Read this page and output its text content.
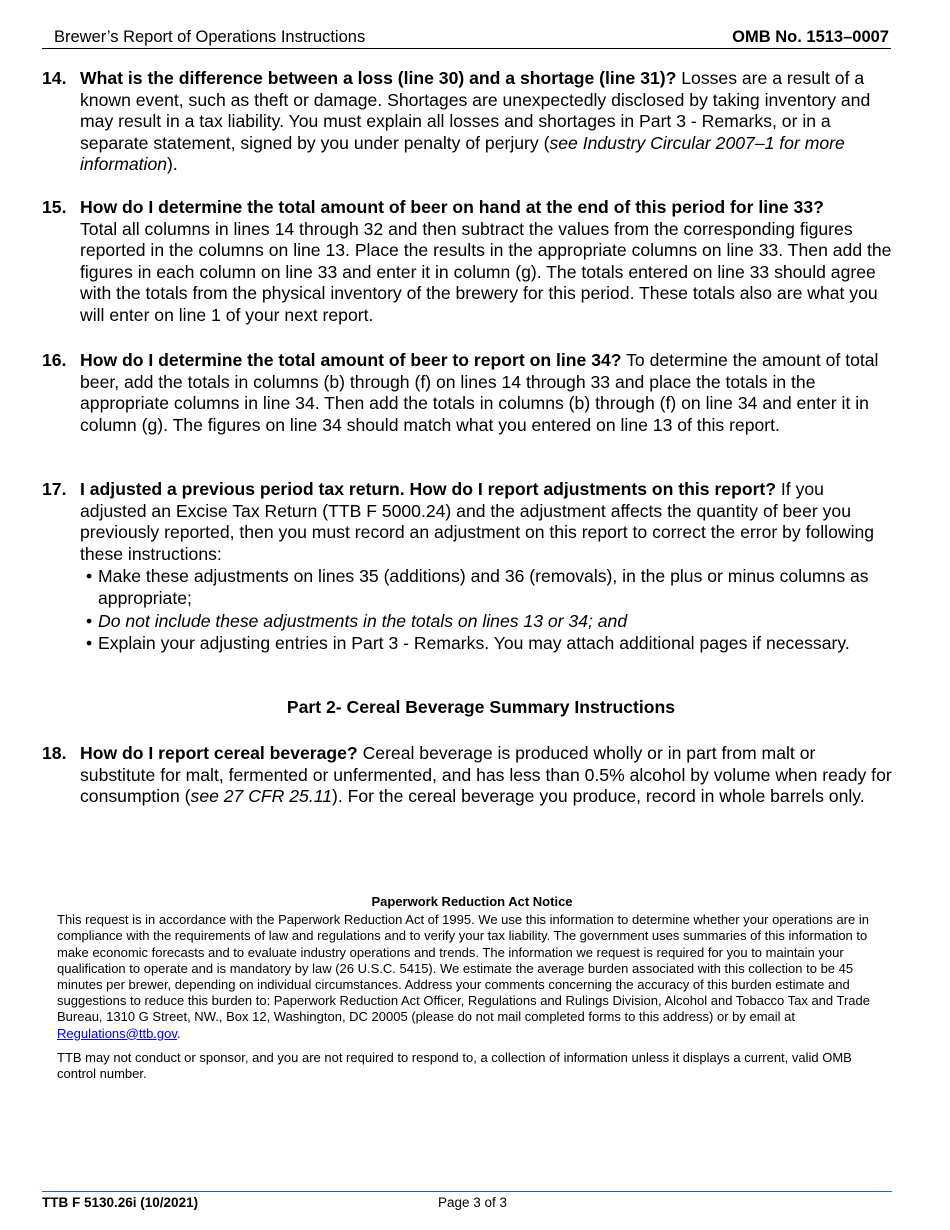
Brewer’s Report of Operations Instructions	OMB No. 1513–0007
14. What is the difference between a loss (line 30) and a shortage (line 31)? Losses are a result of a known event, such as theft or damage. Shortages are unexpectedly disclosed by taking inventory and may result in a tax liability. You must explain all losses and shortages in Part 3 - Remarks, or in a separate statement, signed by you under penalty of perjury (see Industry Circular 2007–1 for more information).
15. How do I determine the total amount of beer on hand at the end of this period for line 33?
Total all columns in lines 14 through 32 and then subtract the values from the corresponding figures reported in the columns on line 13. Place the results in the appropriate columns on line 33. Then add the figures in each column on line 33 and enter it in column (g). The totals entered on line 33 should agree with the totals from the physical inventory of the brewery for this period. These totals also are what you will enter on line 1 of your next report.
16. How do I determine the total amount of beer to report on line 34? To determine the amount of total beer, add the totals in columns (b) through (f) on lines 14 through 33 and place the totals in the appropriate columns in line 34. Then add the totals in columns (b) through (f) on line 34 and enter it in column (g). The figures on line 34 should match what you entered on line 13 of this report.
17. I adjusted a previous period tax return. How do I report adjustments on this report? If you adjusted an Excise Tax Return (TTB F 5000.24) and the adjustment affects the quantity of beer you previously reported, then you must record an adjustment on this report to correct the error by following these instructions:
• Make these adjustments on lines 35 (additions) and 36 (removals), in the plus or minus columns as appropriate;
• Do not include these adjustments in the totals on lines 13 or 34; and
• Explain your adjusting entries in Part 3 - Remarks. You may attach additional pages if necessary.
Part 2- Cereal Beverage Summary Instructions
18. How do I report cereal beverage? Cereal beverage is produced wholly or in part from malt or substitute for malt, fermented or unfermented, and has less than 0.5% alcohol by volume when ready for consumption (see 27 CFR 25.11). For the cereal beverage you produce, record in whole barrels only.
Paperwork Reduction Act Notice

This request is in accordance with the Paperwork Reduction Act of 1995. We use this information to determine whether your operations are in compliance with the requirements of law and regulations and to verify your tax liability. The government uses summaries of this information to make economic forecasts and to evaluate industry operations and trends. The information we request is required for you to maintain your qualification to operate and is mandatory by law (26 U.S.C. 5415). We estimate the average burden associated with this collection to be 45 minutes per brewer, depending on individual circumstances. Address your comments concerning the accuracy of this burden estimate and suggestions to reduce this burden to: Paperwork Reduction Act Officer, Regulations and Rulings Division, Alcohol and Tobacco Tax and Trade Bureau, 1310 G Street, NW., Box 12, Washington, DC 20005 (please do not mail completed forms to this address) or by email at Regulations@ttb.gov.

TTB may not conduct or sponsor, and you are not required to respond to, a collection of information unless it displays a current, valid OMB control number.

TTB F 5130.26i (10/2021)	Page 3 of 3
